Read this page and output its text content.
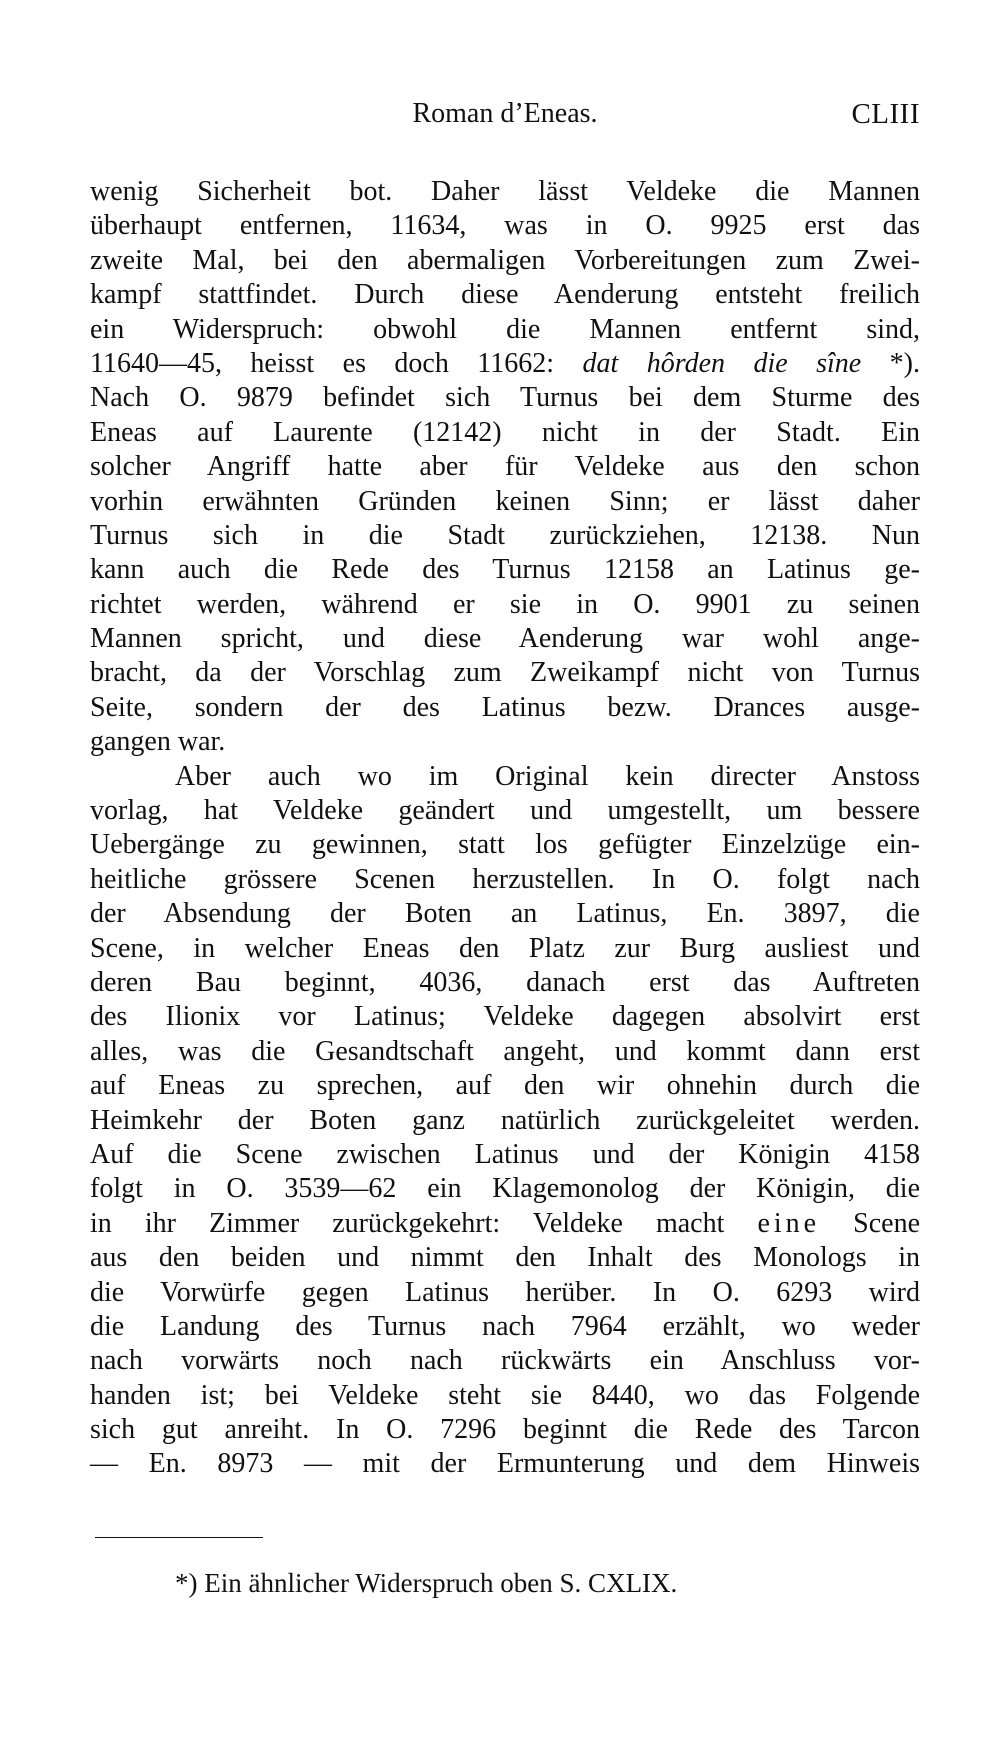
Roman d’Eneas.	CLIII
wenig Sicherheit bot. Daher lässt Veldeke die Mannen
überhaupt entfernen, 11634, was in O. 9925 erst das
zweite Mal, bei den abermaligen Vorbereitungen zum Zwei-
kampf stattfindet. Durch diese Aenderung entsteht freilich
ein Widerspruch: obwohl die Mannen entfernt sind,
11640—45, heisst es doch 11662: dat hôrden die sîne *).
Nach O. 9879 befindet sich Turnus bei dem Sturme des
Eneas auf Laurente (12142) nicht in der Stadt. Ein
solcher Angriff hatte aber für Veldeke aus den schon
vorhin erwähnten Gründen keinen Sinn; er lässt daher
Turnus sich in die Stadt zurückziehen, 12138. Nun
kann auch die Rede des Turnus 12158 an Latinus ge-
richtet werden, während er sie in O. 9901 zu seinen
Mannen spricht, und diese Aenderung war wohl ange-
bracht, da der Vorschlag zum Zweikampf nicht von Turnus
Seite, sondern der des Latinus bezw. Drances ausge-
gangen war.
Aber auch wo im Original kein directer Anstoss
vorlag, hat Veldeke geändert und umgestellt, um bessere
Uebergänge zu gewinnen, statt los gefügter Einzelzüge ein-
heitliche grössere Scenen herzustellen. In O. folgt nach
der Absendung der Boten an Latinus, En. 3897, die
Scene, in welcher Eneas den Platz zur Burg ausliest und
deren Bau beginnt, 4036, danach erst das Auftreten
des Ilionix vor Latinus; Veldeke dagegen absolvirt erst
alles, was die Gesandtschaft angeht, und kommt dann erst
auf Eneas zu sprechen, auf den wir ohnehin durch die
Heimkehr der Boten ganz natürlich zurückgeleitet werden.
Auf die Scene zwischen Latinus und der Königin 4158
folgt in O. 3539—62 ein Klagemonolog der Königin, die
in ihr Zimmer zurückgekehrt: Veldeke macht eine Scene
aus den beiden und nimmt den Inhalt des Monologs in
die Vorwürfe gegen Latinus herüber. In O. 6293 wird
die Landung des Turnus nach 7964 erzählt, wo weder
nach vorwärts noch nach rückwärts ein Anschluss vor-
handen ist; bei Veldeke steht sie 8440, wo das Folgende
sich gut anreiht. In O. 7296 beginnt die Rede des Tarcon
— En. 8973 — mit der Ermunterung und dem Hinweis
*) Ein ähnlicher Widerspruch oben S. CXLIX.
